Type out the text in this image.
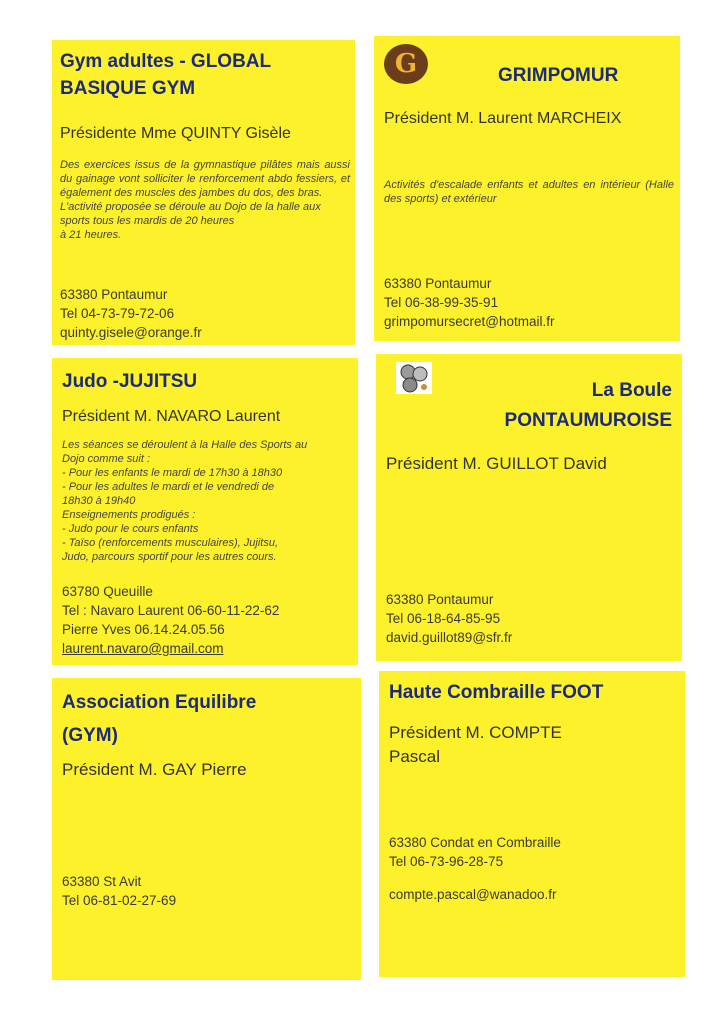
Gym adultes - GLOBAL

BASIQUE GYM

Présidente Mme QUINTY Gisèle

Des exercices issus de la gymnastique pilâtes mais aussi du gainage vont solliciter le renforcement abdo fessiers, et également des muscles des jambes du dos, des bras.

L'activité proposée se déroule au Dojo de la halle aux sports tous les mardis de 20 heures

à 21 heures.

63380 Pontaumur
Tel 04-73-79-72-06
quinty.gisele@orange.fr
G	GRIMPOMUR

Président M. Laurent MARCHEIX

Activités d'escalade enfants et adultes en intérieur (Halle des sports) et extérieur

63380 Pontaumur
Tel 06-38-99-35-91
grimpomursecret@hotmail.fr

Judo -JUJITSU

Président M. NAVARO Laurent

Les séances se déroulent à la Halle des Sports au

Dojo comme suit :

- Pour les enfants le mardi de 17h30 à 18h30

- Pour les adultes le mardi et le vendredi de

18h30 à 19h40

Enseignements prodigués :

- Judo pour le cours enfants

- Taïso (renforcements musculaires), Jujitsu,

Judo, parcours sportif pour les autres cours.

63780 Queuille
Tel : Navaro Laurent 06-60-11-22-62
Pierre Yves 06.14.24.05.56
laurent.navaro@gmail.com

La Boule

PONTAUMUROISE

Président M. GUILLOT David

63380 Pontaumur
Tel 06-18-64-85-95
david.guillot89@sfr.fr

Association Equilibre

(GYM)

Président M. GAY Pierre

63380 St Avit
Tel 06-81-02-27-69

Haute Combraille FOOT

Président M. COMPTE

Pascal

63380 Condat en Combraille
Tel 06-73-96-28-75
compte.pascal@wanadoo.fr
